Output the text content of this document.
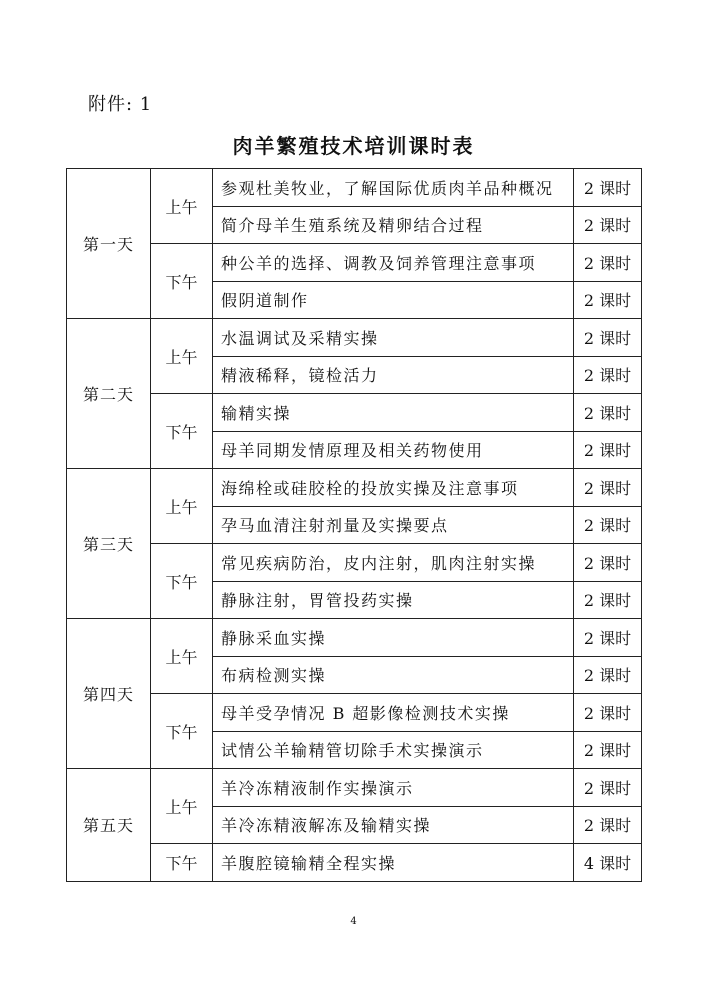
附件: 1
肉羊繁殖技术培训课时表
第一天	上午	参观杜美牧业，了解国际优质肉羊品种概况	2 课时
		简介母羊生殖系统及精卵结合过程	2 课时
	下午	种公羊的选择、调教及饲养管理注意事项	2 课时
		假阴道制作	2 课时
第二天	上午	水温调试及采精实操	2 课时
		精液稀释，镜检活力	2 课时
	下午	输精实操	2 课时
		母羊同期发情原理及相关药物使用	2 课时
第三天	上午	海绵栓或硅胶栓的投放实操及注意事项	2 课时
		孕马血清注射剂量及实操要点	2 课时
	下午	常见疾病防治，皮内注射，肌肉注射实操	2 课时
		静脉注射，胃管投药实操	2 课时
第四天	上午	静脉采血实操	2 课时
		布病检测实操	2 课时
	下午	母羊受孕情况 B 超影像检测技术实操	2 课时
		试情公羊输精管切除手术实操演示	2 课时
第五天	上午	羊冷冻精液制作实操演示	2 课时
		羊冷冻精液解冻及输精实操	2 课时
	下午	羊腹腔镜输精全程实操	4 课时
4
